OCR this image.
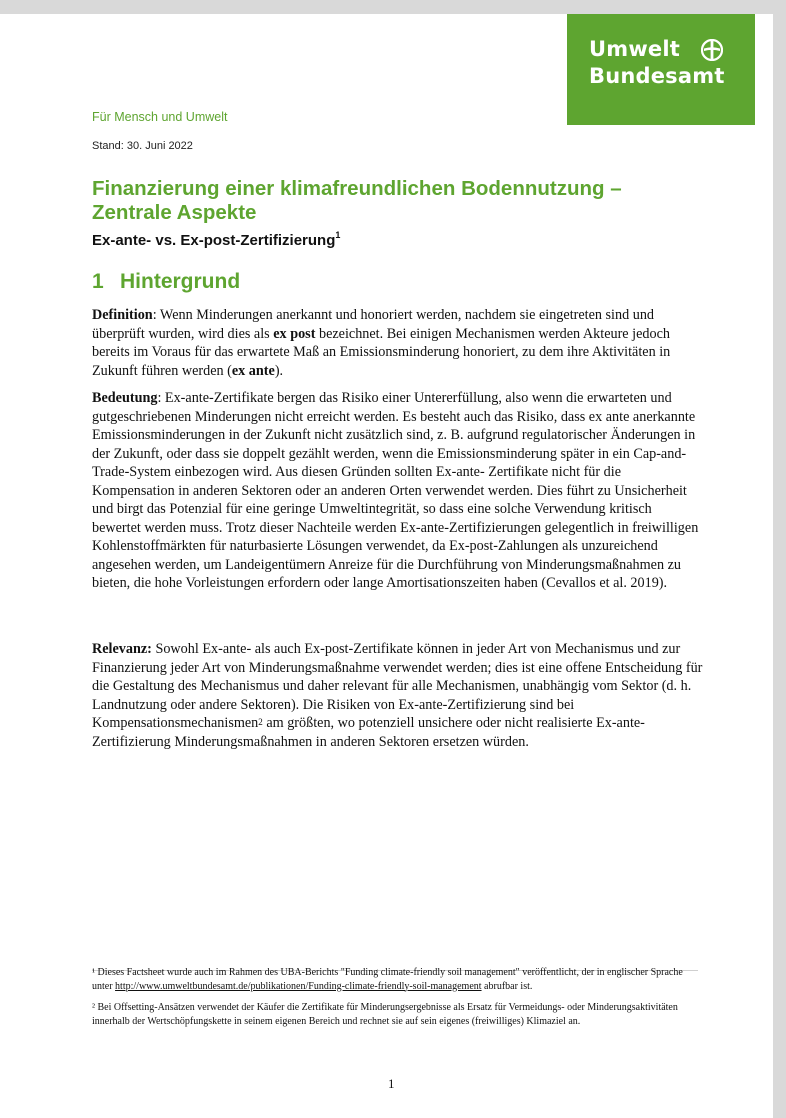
Umwelt
Bundesamt
Für Mensch und Umwelt
Stand: 30. Juni 2022
Finanzierung einer klimafreundlichen Bodennutzung – Zentrale Aspekte
Ex-ante- vs. Ex-post-Zertifizierung$^1$
1 Hintergrund

Definition: Wenn Minderungen anerkannt und honoriert werden, nachdem sie eingetreten sind und überprüft wurden, wird dies als ex post bezeichnet. Bei einigen Mechanismen werden Akteure jedoch bereits im Voraus für das erwartete Maß an Emissionsminderung honoriert, zu dem ihre Aktivitäten in Zukunft führen werden (ex ante).

Bedeutung: Ex-ante-Zertifikate bergen das Risiko einer Untererfüllung, also wenn die erwarteten und gutgeschriebenen Minderungen nicht erreicht werden. Es besteht auch das Risiko, dass ex ante anerkannte Emissionsminderungen in der Zukunft nicht zusätzlich sind, z. B. aufgrund regulatorischer Änderungen in der Zukunft, oder dass sie doppelt gezählt werden, wenn die Emissionsminderung später in ein Cap-and-Trade-System einbezogen wird. Aus diesen Gründen sollten Ex-ante- Zertifikate nicht für die Kompensation in anderen Sektoren oder an anderen Orten verwendet werden. Dies führt zu Unsicherheit und birgt das Potenzial für eine geringe Umweltintegrität, so dass eine solche Verwendung kritisch bewertet werden muss. Trotz dieser Nachteile werden Ex-ante-Zertifizierungen gelegentlich in freiwilligen Kohlenstoffmärkten für naturbasierte Lösungen verwendet, da Ex-post-Zahlungen als unzureichend angesehen werden, um Landeigentümern Anreize für die Durchführung von Minderungsmaßnahmen zu bieten, die hohe Vorleistungen erfordern oder lange Amortisationszeiten haben (Cevallos et al. 2019).

Relevanz: Sowohl Ex-ante- als auch Ex-post-Zertifikate können in jeder Art von Mechanismus und zur Finanzierung jeder Art von Minderungsmaßnahme verwendet werden; dies ist eine offene Entscheidung für die Gestaltung des Mechanismus und daher relevant für alle Mechanismen, unabhängig vom Sektor (d. h. Landnutzung oder andere Sektoren). Die Risiken von Ex-ante-Zertifizierung sind bei Kompensationsmechanismen$^2$ am größten, wo potenziell unsichere oder nicht realisierte Ex-ante-Zertifizierung Minderungsmaßnahmen in anderen Sektoren ersetzen würden.

¹ Dieses Factsheet wurde auch im Rahmen des UBA-Berichts "Funding climate-friendly soil management" veröffentlicht, der in englischer Sprache unter http://www.umweltbundesamt.de/publikationen/Funding-climate-friendly-soil-management abrufbar ist.

² Bei Offsetting-Ansätzen verwendet der Käufer die Zertifikate für Minderungsergebnisse als Ersatz für Vermeidungs- oder Minderungsaktivitäten innerhalb der Wertschöpfungskette in seinem eigenen Bereich und rechnet sie auf sein eigenes (freiwilliges) Klimaziel an.

1
